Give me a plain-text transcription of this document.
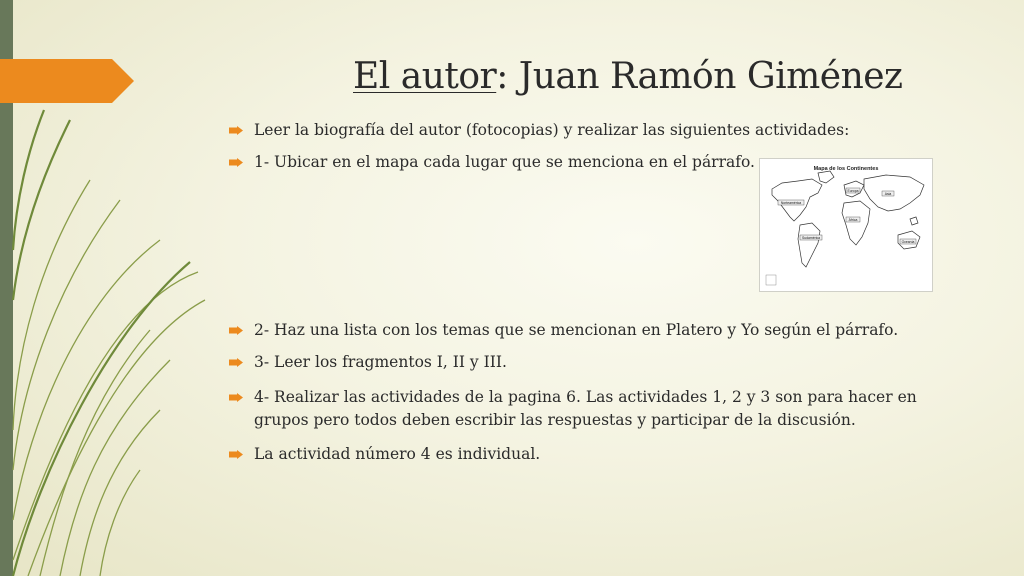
El autor: Juan Ramón Giménez
Leer la biografía del autor (fotocopias) y realizar las siguientes actividades:
1- Ubicar en el mapa cada lugar que se menciona en el párrafo.
2- Haz una lista con los temas que se mencionan en Platero y Yo según el párrafo.
3- Leer los fragmentos I, II y III.
4- Realizar las actividades de la pagina 6. Las actividades 1, 2 y 3 son para hacer en grupos pero todos deben escribir las respuestas y participar de la discusión.
La actividad número 4 es individual.
Mapa de los Continentes
Norteamérica
Europa
Asia
África
Sudamérica
Oceanía
